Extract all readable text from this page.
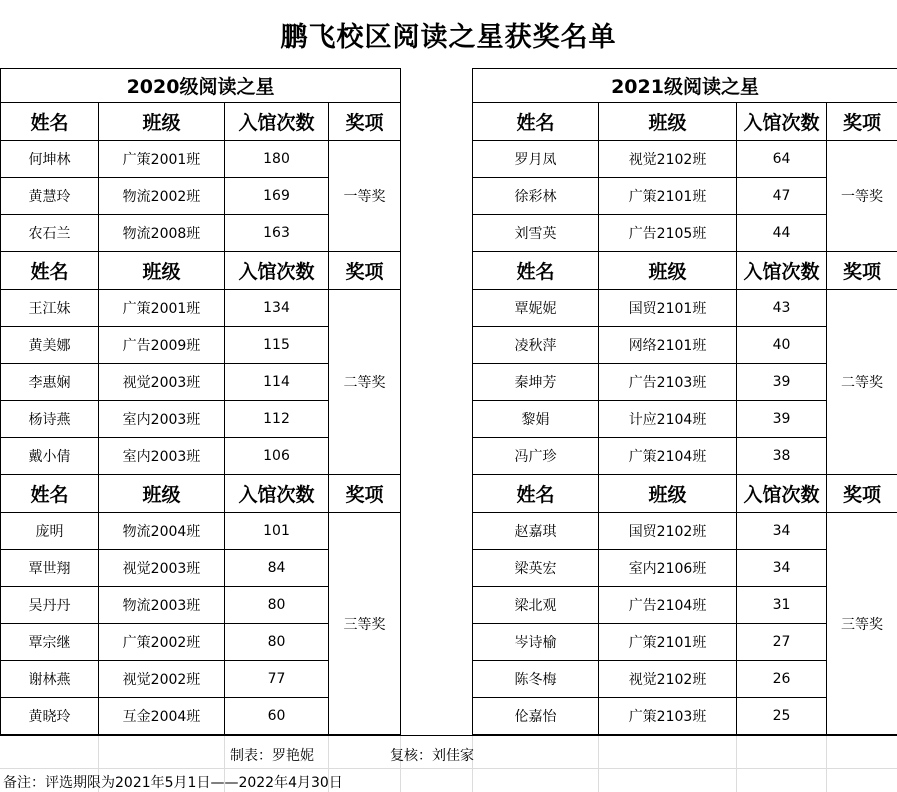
鹏飞校区阅读之星获奖名单
2020级阅读之星					2021级阅读之星			
姓名	班级	入馆次数	奖项		姓名	班级	入馆次数	奖项
何坤林	广策2001班	180	一等奖		罗月凤	视觉2102班	64	一等奖
黄慧玲	物流2002班	169			徐彩林	广策2101班	47	
农石兰	物流2008班	163			刘雪英	广告2105班	44	
姓名	班级	入馆次数	奖项		姓名	班级	入馆次数	奖项
王江妹	广策2001班	134	二等奖		覃妮妮	国贸2101班	43	二等奖
黄美娜	广告2009班	115			凌秋萍	网络2101班	40	
李惠娴	视觉2003班	114			秦坤芳	广告2103班	39	
杨诗燕	室内2003班	112			黎娟	计应2104班	39	
戴小倩	室内2003班	106			冯广珍	广策2104班	38	
姓名	班级	入馆次数	奖项		姓名	班级	入馆次数	奖项
庞明	物流2004班	101	三等奖		赵嘉琪	国贸2102班	34	三等奖
覃世翔	视觉2003班	84			梁英宏	室内2106班	34	
吴丹丹	物流2003班	80			梁北观	广告2104班	31	
覃宗继	广策2002班	80			岑诗榆	广策2101班	27	
谢林燕	视觉2002班	77			陈冬梅	视觉2102班	26	
黄晓玲	互金2004班	60			伦嘉怡	广策2103班	25	
制表：罗艳妮	复核：刘佳家
备注：评选期限为2021年5月1日——2022年4月30日
